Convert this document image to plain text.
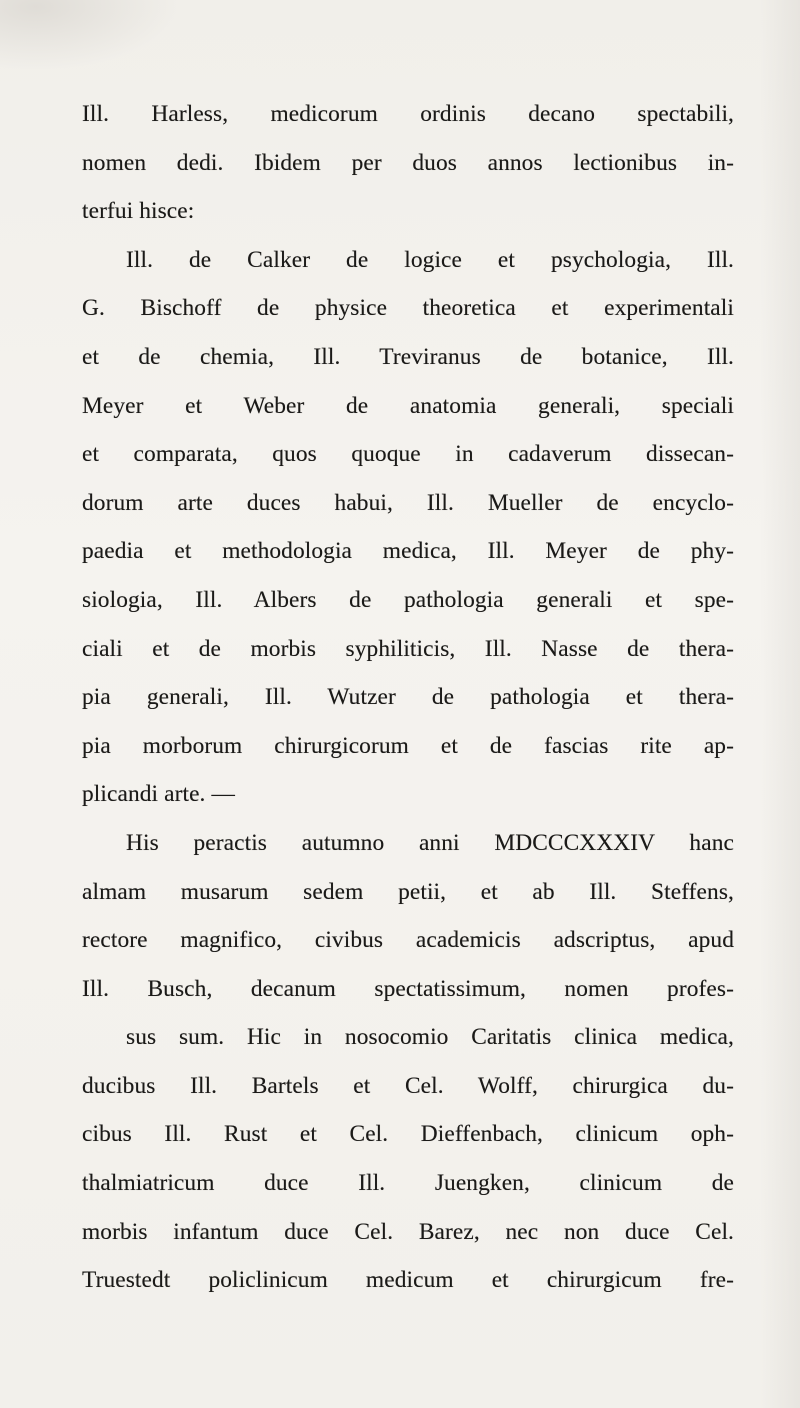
Ill. Harless, medicorum ordinis decano spectabili,
nomen dedi. Ibidem per duos annos lectionibus in-
terfui hisce:
Ill. de Calker de logice et psychologia, Ill.
G. Bischoff de physice theoretica et experimentali
et de chemia, Ill. Treviranus de botanice, Ill.
Meyer et Weber de anatomia generali, speciali
et comparata, quos quoque in cadaverum dissecan-
dorum arte duces habui, Ill. Mueller de encyclo-
paedia et methodologia medica, Ill. Meyer de phy-
siologia, Ill. Albers de pathologia generali et spe-
ciali et de morbis syphiliticis, Ill. Nasse de thera-
pia generali, Ill. Wutzer de pathologia et thera-
pia morborum chirurgicorum et de fascias rite ap-
plicandi arte. —
His peractis autumno anni MDCCCXXXIV hanc
almam musarum sedem petii, et ab Ill. Steffens,
rectore magnifico, civibus academicis adscriptus, apud
Ill. Busch, decanum spectatissimum, nomen profes-
sus sum. Hic in nosocomio Caritatis clinica medica,
ducibus Ill. Bartels et Cel. Wolff, chirurgica du-
cibus Ill. Rust et Cel. Dieffenbach, clinicum oph-
thalmiatricum duce Ill. Juengken, clinicum de
morbis infantum duce Cel. Barez, nec non duce Cel.
Truestedt policlinicum medicum et chirurgicum fre-
